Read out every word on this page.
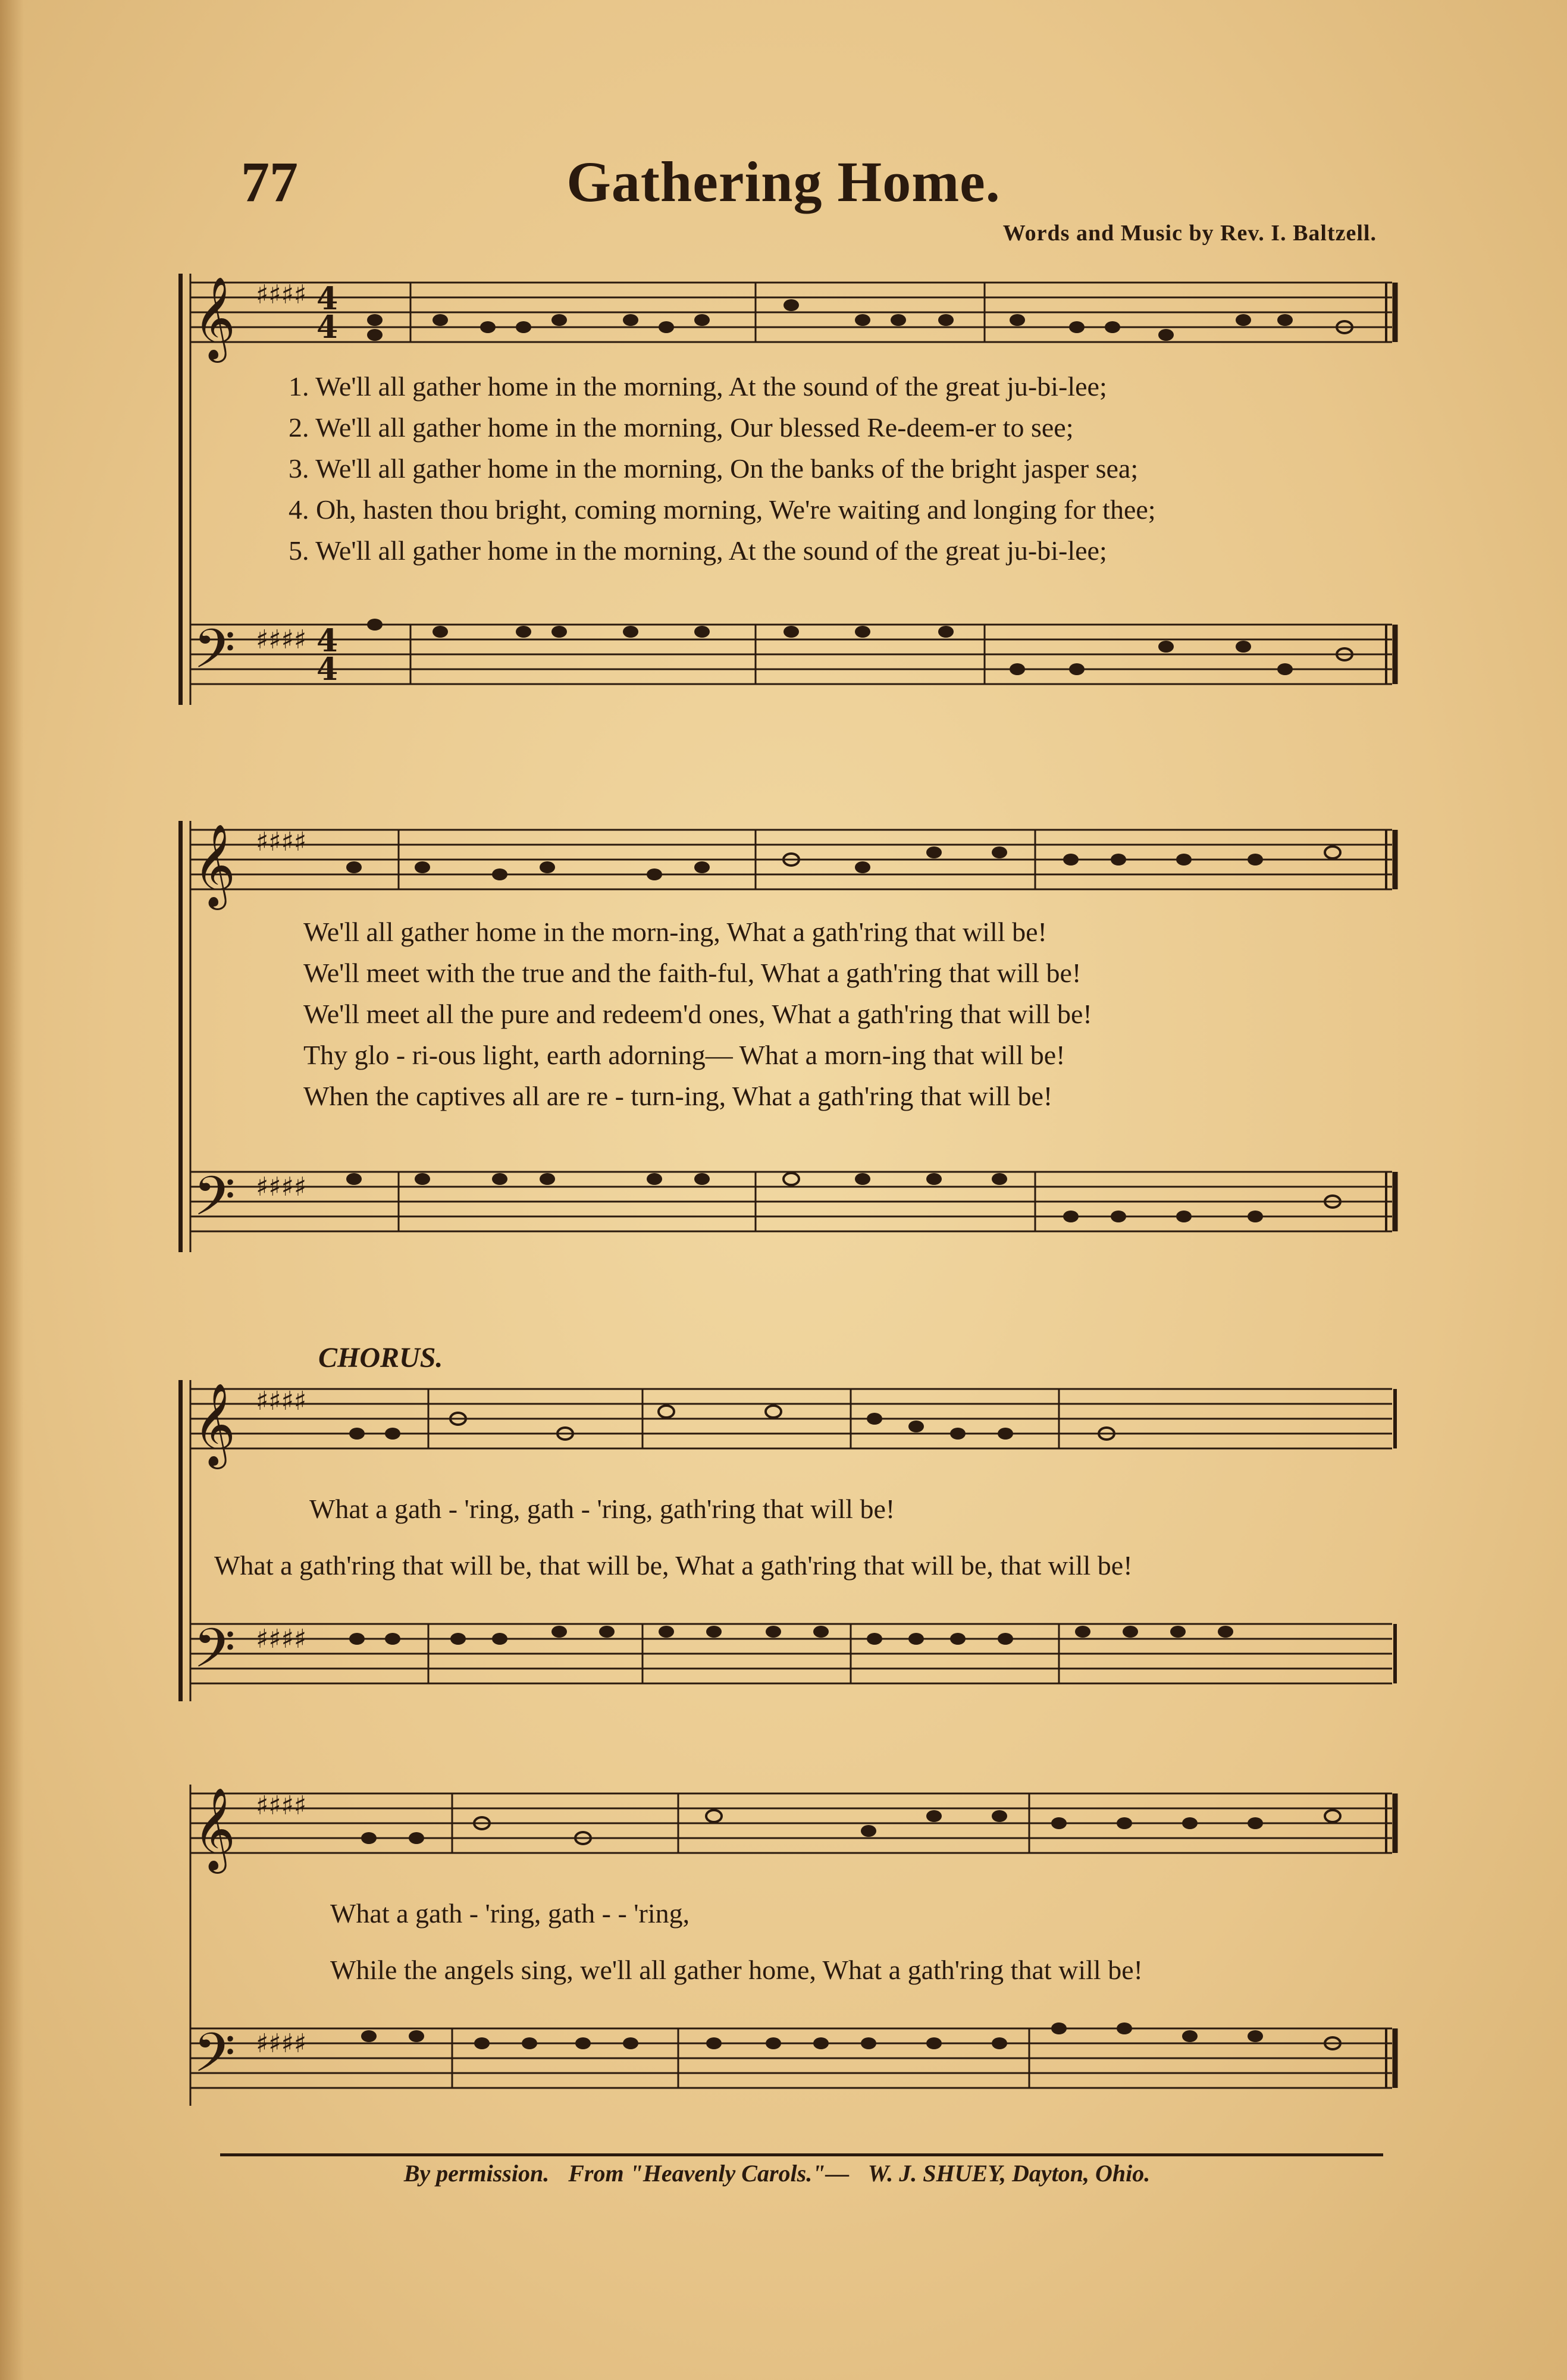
77	Gathering Home.
Words and Music by Rev. I. Baltzell.
𝄞 ♯♯♯♯ 4
4
𝄢 ♯♯♯♯ 4
4
1. We'll all gather home in the morning, At the sound of the great ju-bi-lee;
2. We'll all gather home in the morning, Our blessed Re-deem-er to see;
3. We'll all gather home in the morning, On the banks of the bright jasper sea;
4. Oh, hasten thou bright, coming morning, We're waiting and longing for thee;
5. We'll all gather home in the morning, At the sound of the great ju-bi-lee;
𝄞 ♯♯♯♯
𝄢 ♯♯♯♯
We'll all gather home in the morn-ing, What a gath'ring that will be!
We'll meet with the true and the faith-ful, What a gath'ring that will be!
We'll meet all the pure and redeem'd ones, What a gath'ring that will be!
Thy glo - ri-ous light, earth adorning— What a morn-ing that will be!
When the captives all are re - turn-ing, What a gath'ring that will be!
CHORUS.
𝄞 ♯♯♯♯
𝄢 ♯♯♯♯
What a gath - 'ring, gath - 'ring, gath'ring that will be!
What a gath'ring that will be, that will be, What a gath'ring that will be, that will be!
𝄞 ♯♯♯♯
𝄢 ♯♯♯♯
What a gath - 'ring, gath - - 'ring,
While the angels sing, we'll all gather home, What a gath'ring that will be!
By permission. From "Heavenly Carols."— W. J. SHUEY, Dayton, Ohio.
